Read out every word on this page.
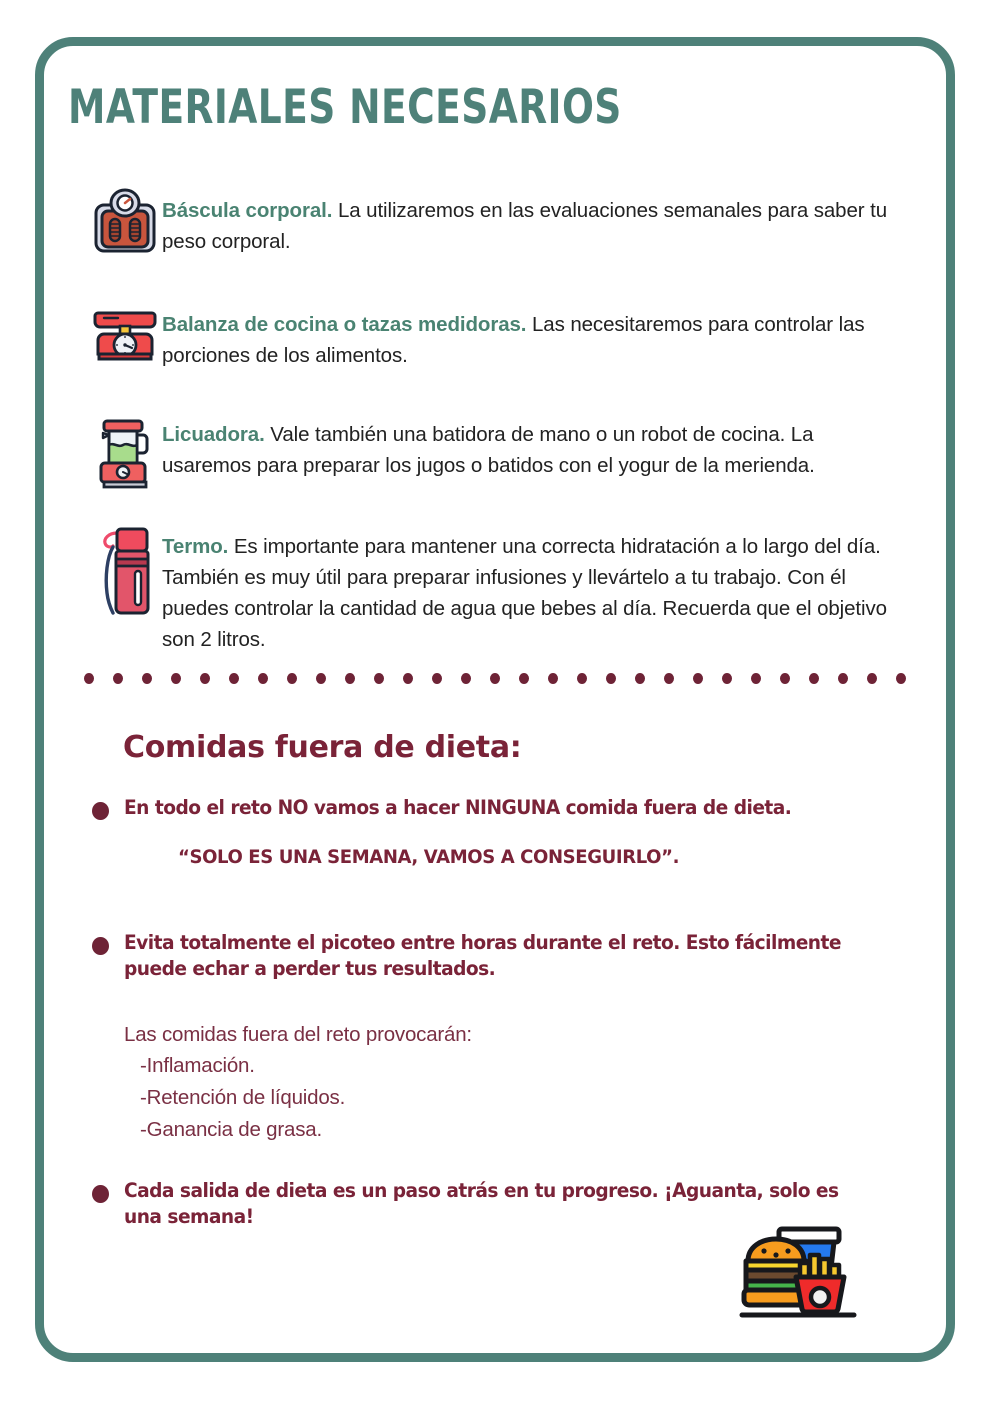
MATERIALES NECESARIOS
Báscula corporal. La utilizaremos en las evaluaciones semanales para saber tu peso corporal.
Balanza de cocina o tazas medidoras. Las necesitaremos para controlar las porciones de los alimentos.
Licuadora. Vale también una batidora de mano o un robot de cocina. La usaremos para preparar los jugos o batidos con el yogur de la merienda.
Termo. Es importante para mantener una correcta hidratación a lo largo del día. También es muy útil para preparar infusiones y llevártelo a tu trabajo. Con él puedes controlar la cantidad de agua que bebes al día. Recuerda que el objetivo son 2 litros.
Comidas fuera de dieta:
En todo el reto NO vamos a hacer NINGUNA comida fuera de dieta.
“SOLO ES UNA SEMANA, VAMOS A CONSEGUIRLO”.
Evita totalmente el picoteo entre horas durante el reto. Esto fácilmente puede echar a perder tus resultados.
Las comidas fuera del reto provocarán:
-Inflamación.
-Retención de líquidos.
-Ganancia de grasa.
Cada salida de dieta es un paso atrás en tu progreso. ¡Aguanta, solo es una semana!
